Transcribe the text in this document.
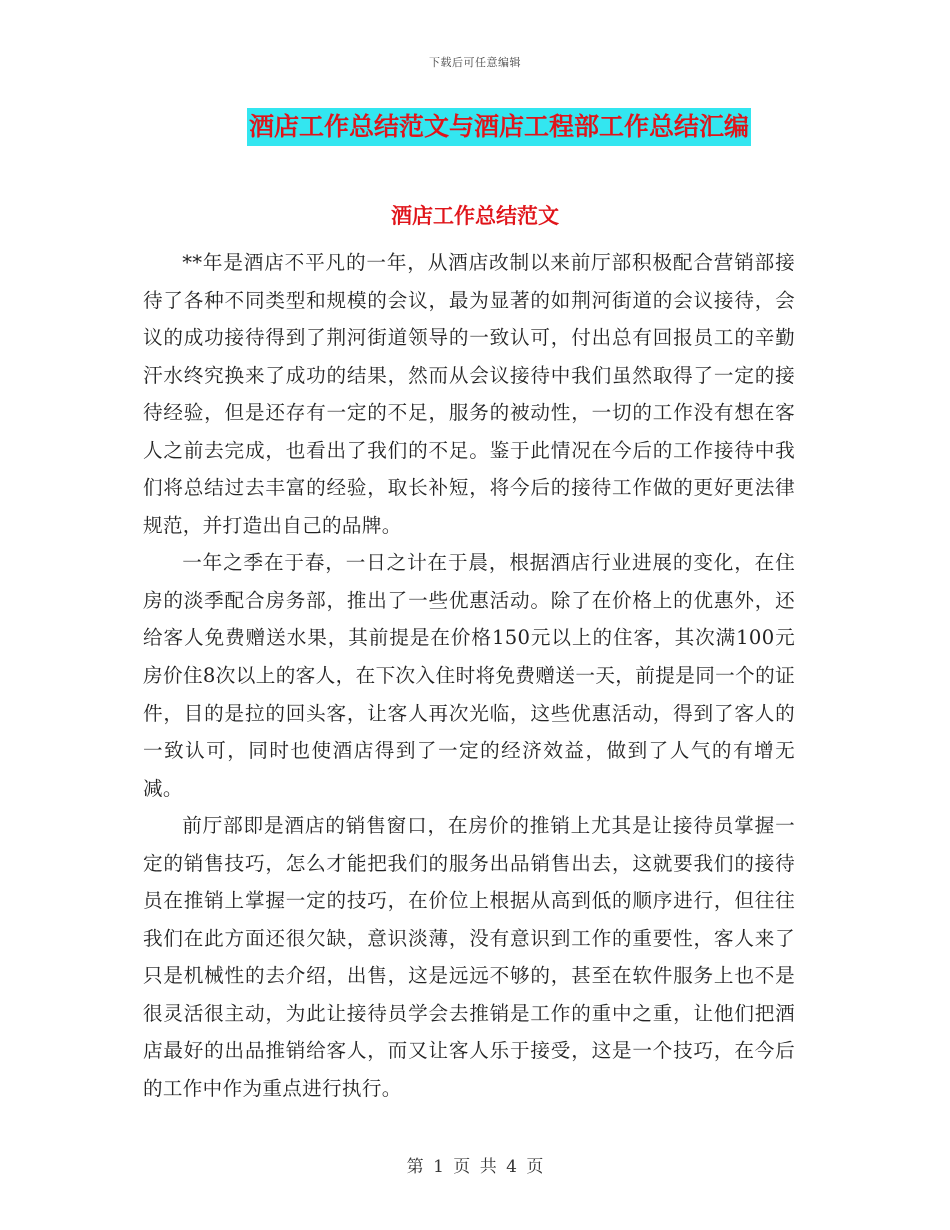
下载后可任意编辑
酒店工作总结范文与酒店工程部工作总结汇编
酒店工作总结范文

**年是酒店不平凡的一年，从酒店改制以来前厅部积极配合营销部接待了各种不同类型和规模的会议，最为显著的如荆河街道的会议接待，会议的成功接待得到了荆河街道领导的一致认可，付出总有回报员工的辛勤汗水终究换来了成功的结果，然而从会议接待中我们虽然取得了一定的接待经验，但是还存有一定的不足，服务的被动性，一切的工作没有想在客人之前去完成，也看出了我们的不足。鉴于此情况在今后的工作接待中我们将总结过去丰富的经验，取长补短，将今后的接待工作做的更好更法律规范，并打造出自己的品牌。

一年之季在于春，一日之计在于晨，根据酒店行业进展的变化，在住房的淡季配合房务部，推出了一些优惠活动。除了在价格上的优惠外，还给客人免费赠送水果，其前提是在价格150元以上的住客，其次满100元房价住8次以上的客人，在下次入住时将免费赠送一天，前提是同一个的证件，目的是拉的回头客，让客人再次光临，这些优惠活动，得到了客人的一致认可，同时也使酒店得到了一定的经济效益，做到了人气的有增无减。

前厅部即是酒店的销售窗口，在房价的推销上尤其是让接待员掌握一定的销售技巧，怎么才能把我们的服务出品销售出去，这就要我们的接待员在推销上掌握一定的技巧，在价位上根据从高到低的顺序进行，但往往我们在此方面还很欠缺，意识淡薄，没有意识到工作的重要性，客人来了只是机械性的去介绍，出售，这是远远不够的，甚至在软件服务上也不是很灵活很主动，为此让接待员学会去推销是工作的重中之重，让他们把酒店最好的出品推销给客人，而又让客人乐于接受，这是一个技巧，在今后的工作中作为重点进行执行。

第 1 页 共 4 页
